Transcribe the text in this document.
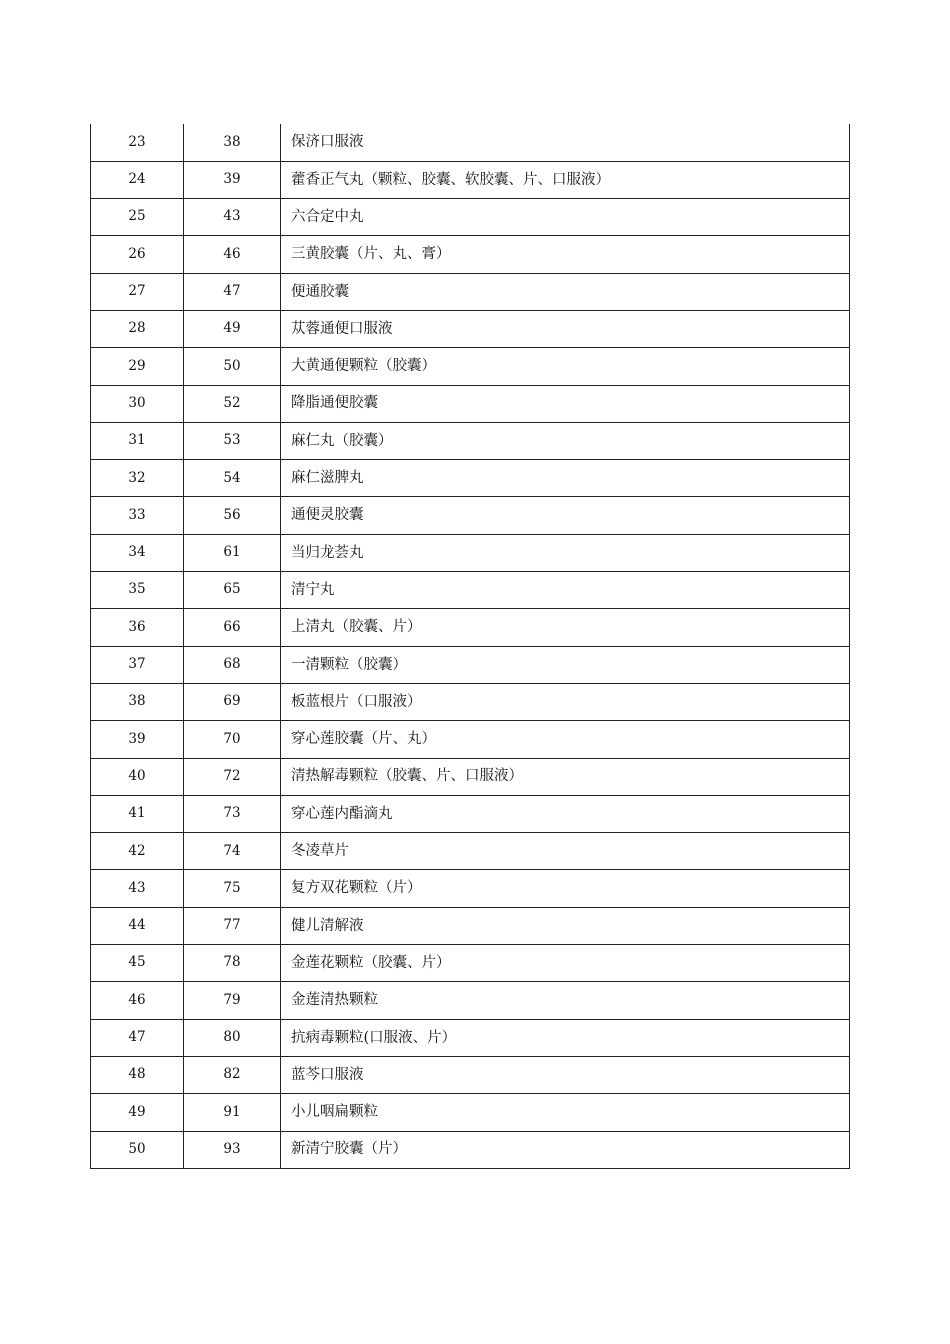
23	38	保济口服液
24	39	藿香正气丸（颗粒、胶囊、软胶囊、片、口服液）
25	43	六合定中丸
26	46	三黄胶囊（片、丸、膏）
27	47	便通胶囊
28	49	苁蓉通便口服液
29	50	大黄通便颗粒（胶囊）
30	52	降脂通便胶囊
31	53	麻仁丸（胶囊）
32	54	麻仁滋脾丸
33	56	通便灵胶囊
34	61	当归龙荟丸
35	65	清宁丸
36	66	上清丸（胶囊、片）
37	68	一清颗粒（胶囊）
38	69	板蓝根片（口服液）
39	70	穿心莲胶囊（片、丸）
40	72	清热解毒颗粒（胶囊、片、口服液）
41	73	穿心莲内酯滴丸
42	74	冬凌草片
43	75	复方双花颗粒（片）
44	77	健儿清解液
45	78	金莲花颗粒（胶囊、片）
46	79	金莲清热颗粒
47	80	抗病毒颗粒(口服液、片）
48	82	蓝芩口服液
49	91	小儿咽扁颗粒
50	93	新清宁胶囊（片）
